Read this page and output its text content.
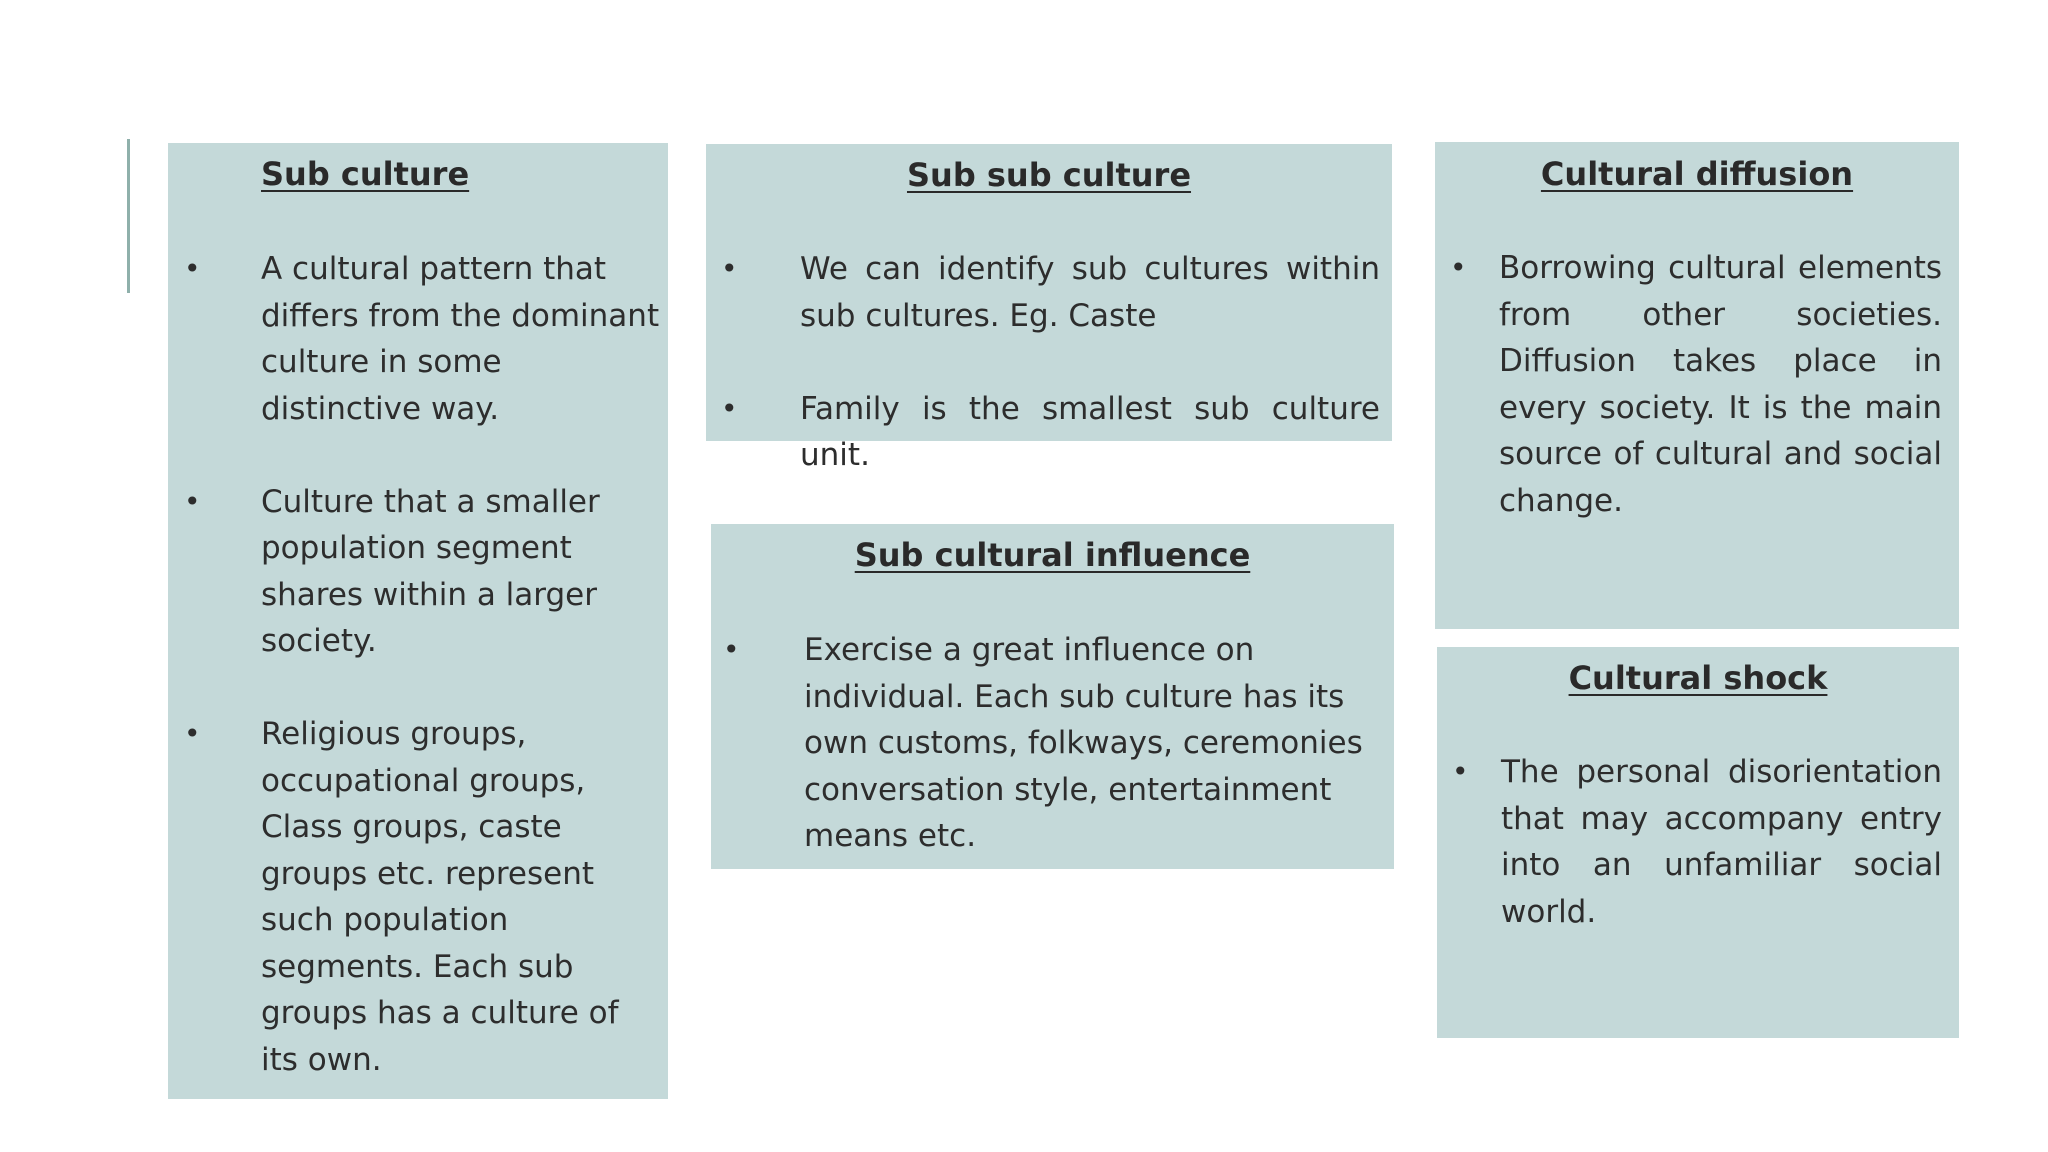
Sub culture
• A cultural pattern that differs from the dominant culture in some distinctive way.
• Culture that a smaller population segment shares within a larger society.
• Religious groups, occupational groups, Class groups, caste groups etc. represent such population segments. Each sub groups has a culture of its own.
Sub sub culture
• We can identify sub cultures within sub cultures. Eg. Caste
• Family is the smallest sub culture unit.
Sub cultural influence
• Exercise a great influence on individual. Each sub culture has its own customs, folkways, ceremonies conversation style, entertainment means etc.
Cultural diffusion
• Borrowing cultural elements from other societies. Diffusion takes place in every society. It is the main source of cultural and social change.
Cultural shock
• The personal disorientation that may accompany entry into an unfamiliar social world.
